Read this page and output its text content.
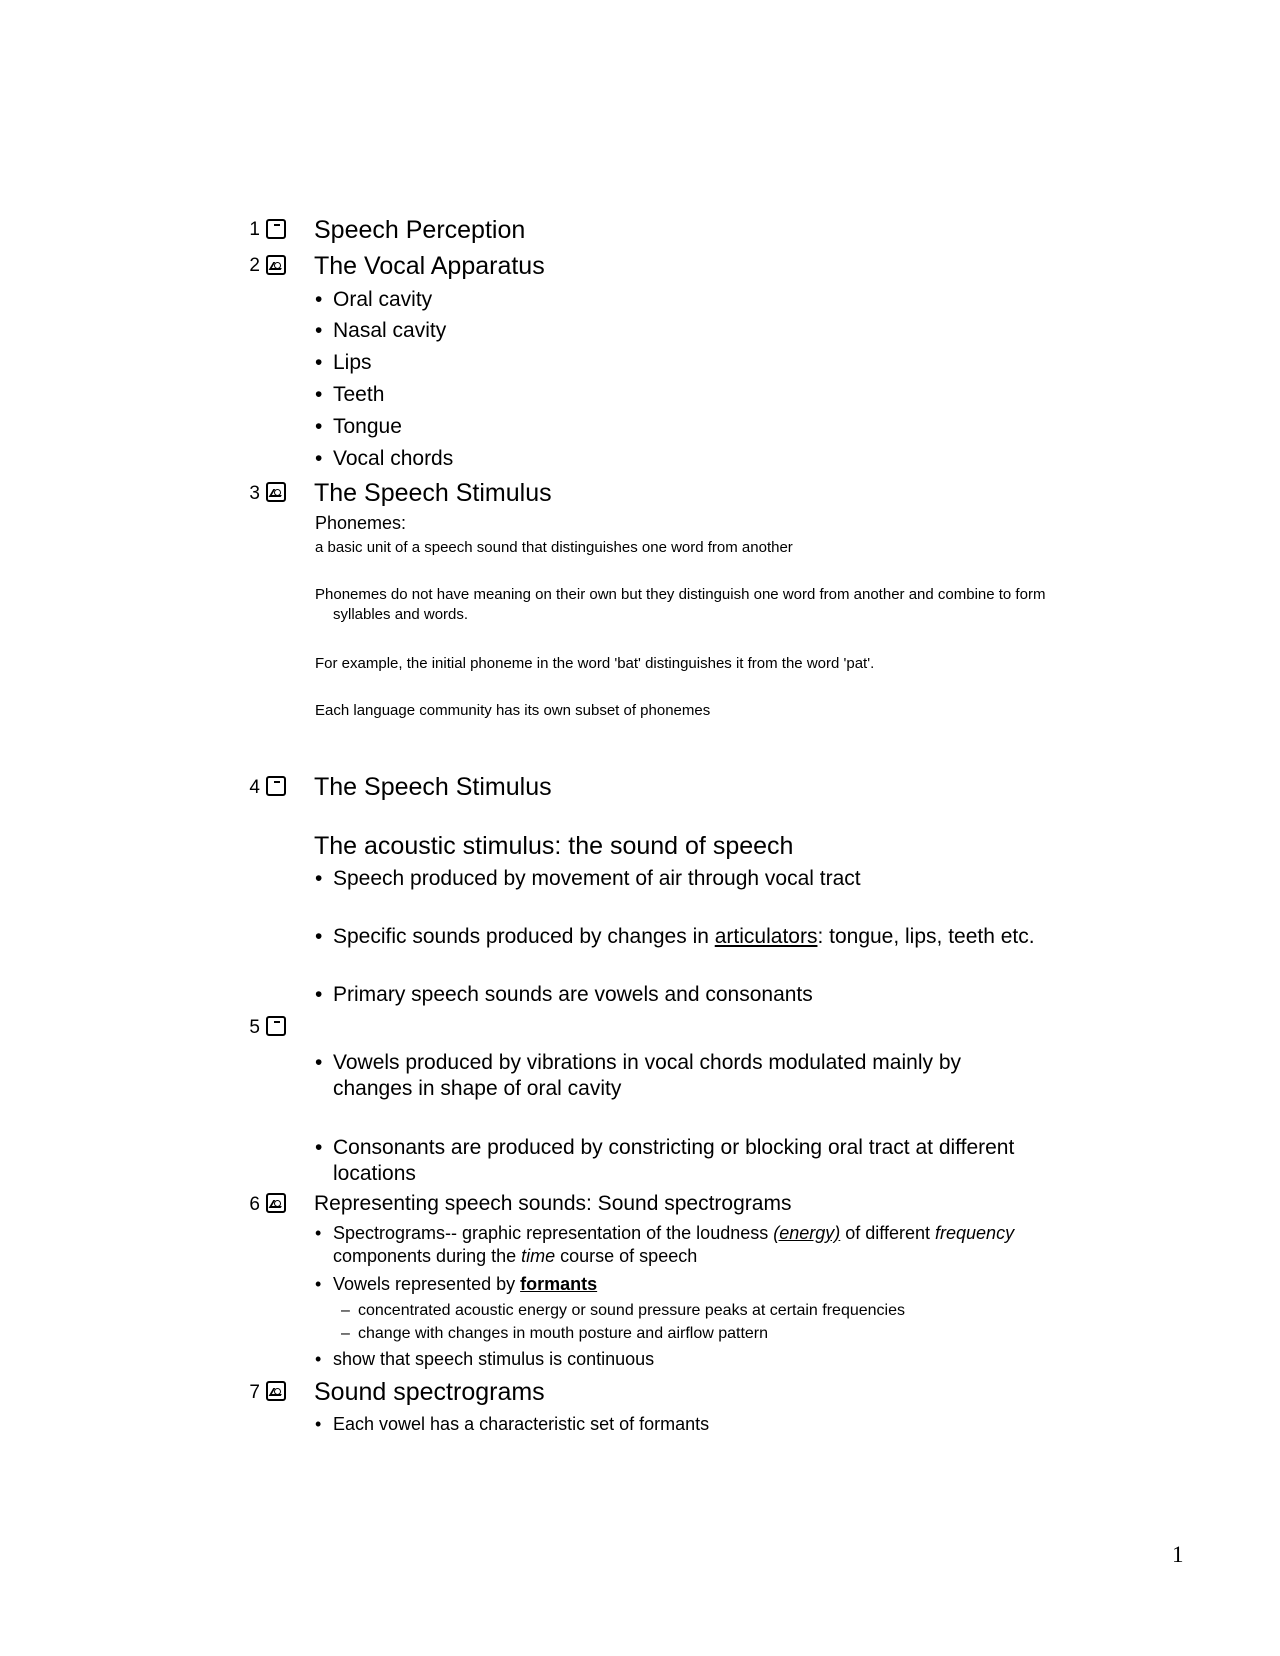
1 Speech Perception
2 The Vocal Apparatus
• Oral cavity
• Nasal cavity
• Lips
• Teeth
• Tongue
• Vocal chords
3 The Speech Stimulus
Phonemes:
a basic unit of a speech sound that distinguishes one word from another
Phonemes do not have meaning on their own but they distinguish one word from another and combine to form syllables and words.
For example, the initial phoneme in the word 'bat' distinguishes it from the word 'pat'.
Each language community has its own subset of phonemes
4 The Speech Stimulus
The acoustic stimulus: the sound of speech
• Speech produced by movement of air through vocal tract
• Specific sounds produced by changes in articulators: tongue, lips, teeth etc.
• Primary speech sounds are vowels and consonants
5
• Vowels produced by vibrations in vocal chords modulated mainly by changes in shape of oral cavity
• Consonants are produced by constricting or blocking oral tract at different locations
6	Representing speech sounds: Sound spectrograms
• Spectrograms-- graphic representation of the loudness (energy) of different frequency components during the time course of speech
• Vowels represented by formants
– concentrated acoustic energy or sound pressure peaks at certain frequencies
– change with changes in mouth posture and airflow pattern
• show that speech stimulus is continuous
7 Sound spectrograms
• Each vowel has a characteristic set of formants
1
